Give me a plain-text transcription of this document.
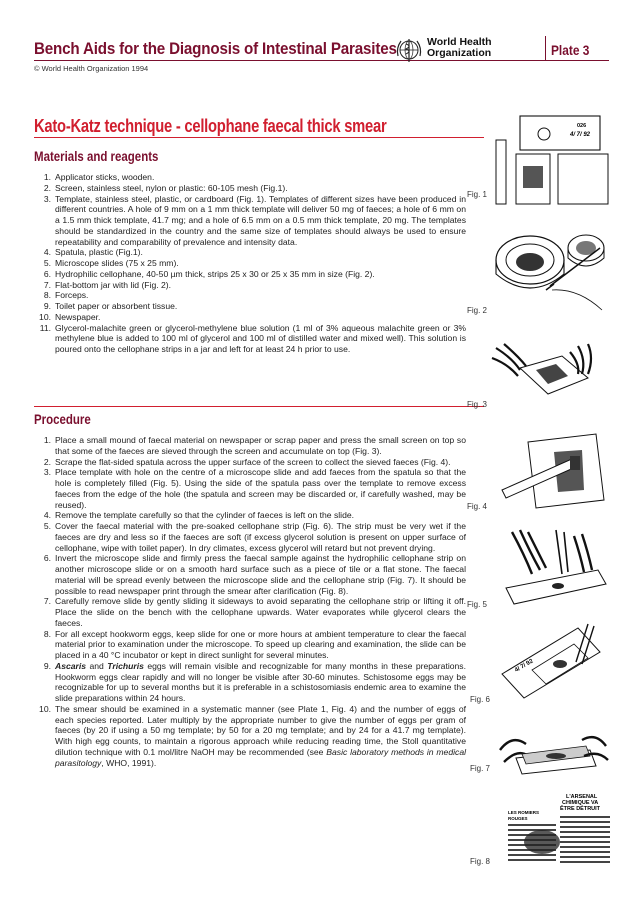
Bench Aids for the Diagnosis of Intestinal Parasites
© World Health Organization 1994
World Health
Organization	Plate 3
Kato-Katz technique - cellophane faecal thick smear
Materials and reagents
1. Applicator sticks, wooden.
2. Screen, stainless steel, nylon or plastic: 60-105 mesh (Fig.1).
3. Template, stainless steel, plastic, or cardboard (Fig. 1). Templates of different sizes have been produced in different countries. A hole of 9 mm on a 1 mm thick template will deliver 50 mg of faeces; a hole of 6 mm on a 1.5 mm thick template, 41.7 mg; and a hole of 6.5 mm on a 0.5 mm thick template, 20 mg. The templates should be standardized in the country and the same size of templates should always be used to ensure repeatability and comparability of prevalence and intensity data.
4. Spatula, plastic (Fig.1).
5. Microscope slides (75 x 25 mm).
6. Hydrophilic cellophane, 40-50 µm thick, strips 25 x 30 or 25 x 35 mm in size (Fig. 2).
7. Flat-bottom jar with lid (Fig. 2).
8. Forceps.
9. Toilet paper or absorbent tissue.
10. Newspaper.
11. Glycerol-malachite green or glycerol-methylene blue solution (1 ml of 3% aqueous malachite green or 3% methylene blue is added to 100 ml of glycerol and 100 ml of distilled water and mixed well). This solution is poured onto the cellophane strips in a jar and left for at least 24 h prior to use.
Procedure
1. Place a small mound of faecal material on newspaper or scrap paper and press the small screen on top so that some of the faeces are sieved through the screen and accumulate on top (Fig. 3).
2. Scrape the flat-sided spatula across the upper surface of the screen to collect the sieved faeces (Fig. 4).
3. Place template with hole on the centre of a microscope slide and add faeces from the spatula so that the hole is completely filled (Fig. 5). Using the side of the spatula pass over the template to remove excess faeces from the edge of the hole (the spatula and screen may be discarded or, if carefully washed, may be reused).
4. Remove the template carefully so that the cylinder of faeces is left on the slide.
5. Cover the faecal material with the pre-soaked cellophane strip (Fig. 6). The strip must be very wet if the faeces are dry and less so if the faeces are soft (if excess glycerol solution is present on upper surface of cellophane, wipe with toilet paper). In dry climates, excess glycerol will retard but not prevent drying.
6. Invert the microscope slide and firmly press the faecal sample against the hydrophilic cellophane strip on another microscope slide or on a smooth hard surface such as a piece of tile or a flat stone. The faecal material will be spread evenly between the microscope slide and the cellophane strip (Fig. 7). It should be possible to read newspaper print through the smear after clarification (Fig. 8).
7. Carefully remove slide by gently sliding it sideways to avoid separating the cellophane strip or lifting it off. Place the slide on the bench with the cellophane upwards. Water evaporates while glycerol clears the faeces.
8. For all except hookworm eggs, keep slide for one or more hours at ambient temperature to clear the faecal material prior to examination under the microscope. To speed up clearing and examination, the slide can be placed in a 40 °C incubator or kept in direct sunlight for several minutes.
9. Ascaris and Trichuris eggs will remain visible and recognizable for many months in these preparations. Hookworm eggs clear rapidly and will no longer be visible after 30-60 minutes. Schistosome eggs may be recognizable for up to several months but it is preferable in a schistosomiasis endemic area to examine the slide preparations within 24 hours.
10. The smear should be examined in a systematic manner (see Plate 1, Fig. 4) and the number of eggs of each species reported. Later multiply by the appropriate number to give the number of eggs per gram of faeces (by 20 if using a 50 mg template; by 50 for a 20 mg template; and by 24 for a 41.7 mg template). With high egg counts, to maintain a rigorous approach while reducing reading time, the Stoll quantitative dilution technique with 0.1 mol/litre NaOH may be recommended (see Basic laboratory methods in medical parasitology, WHO, 1991).
Fig. 1
026
4/ 7/ 92
Fig. 2
Fig. 3
Fig. 4
Fig. 5
Fig. 6
4/ 7/ 92
Fig. 7
Fig. 8
L'ARSENAL
CHIMIQUE VA
ÊTRE DÉTRUIT
LES ROMIERS
ROUGES
